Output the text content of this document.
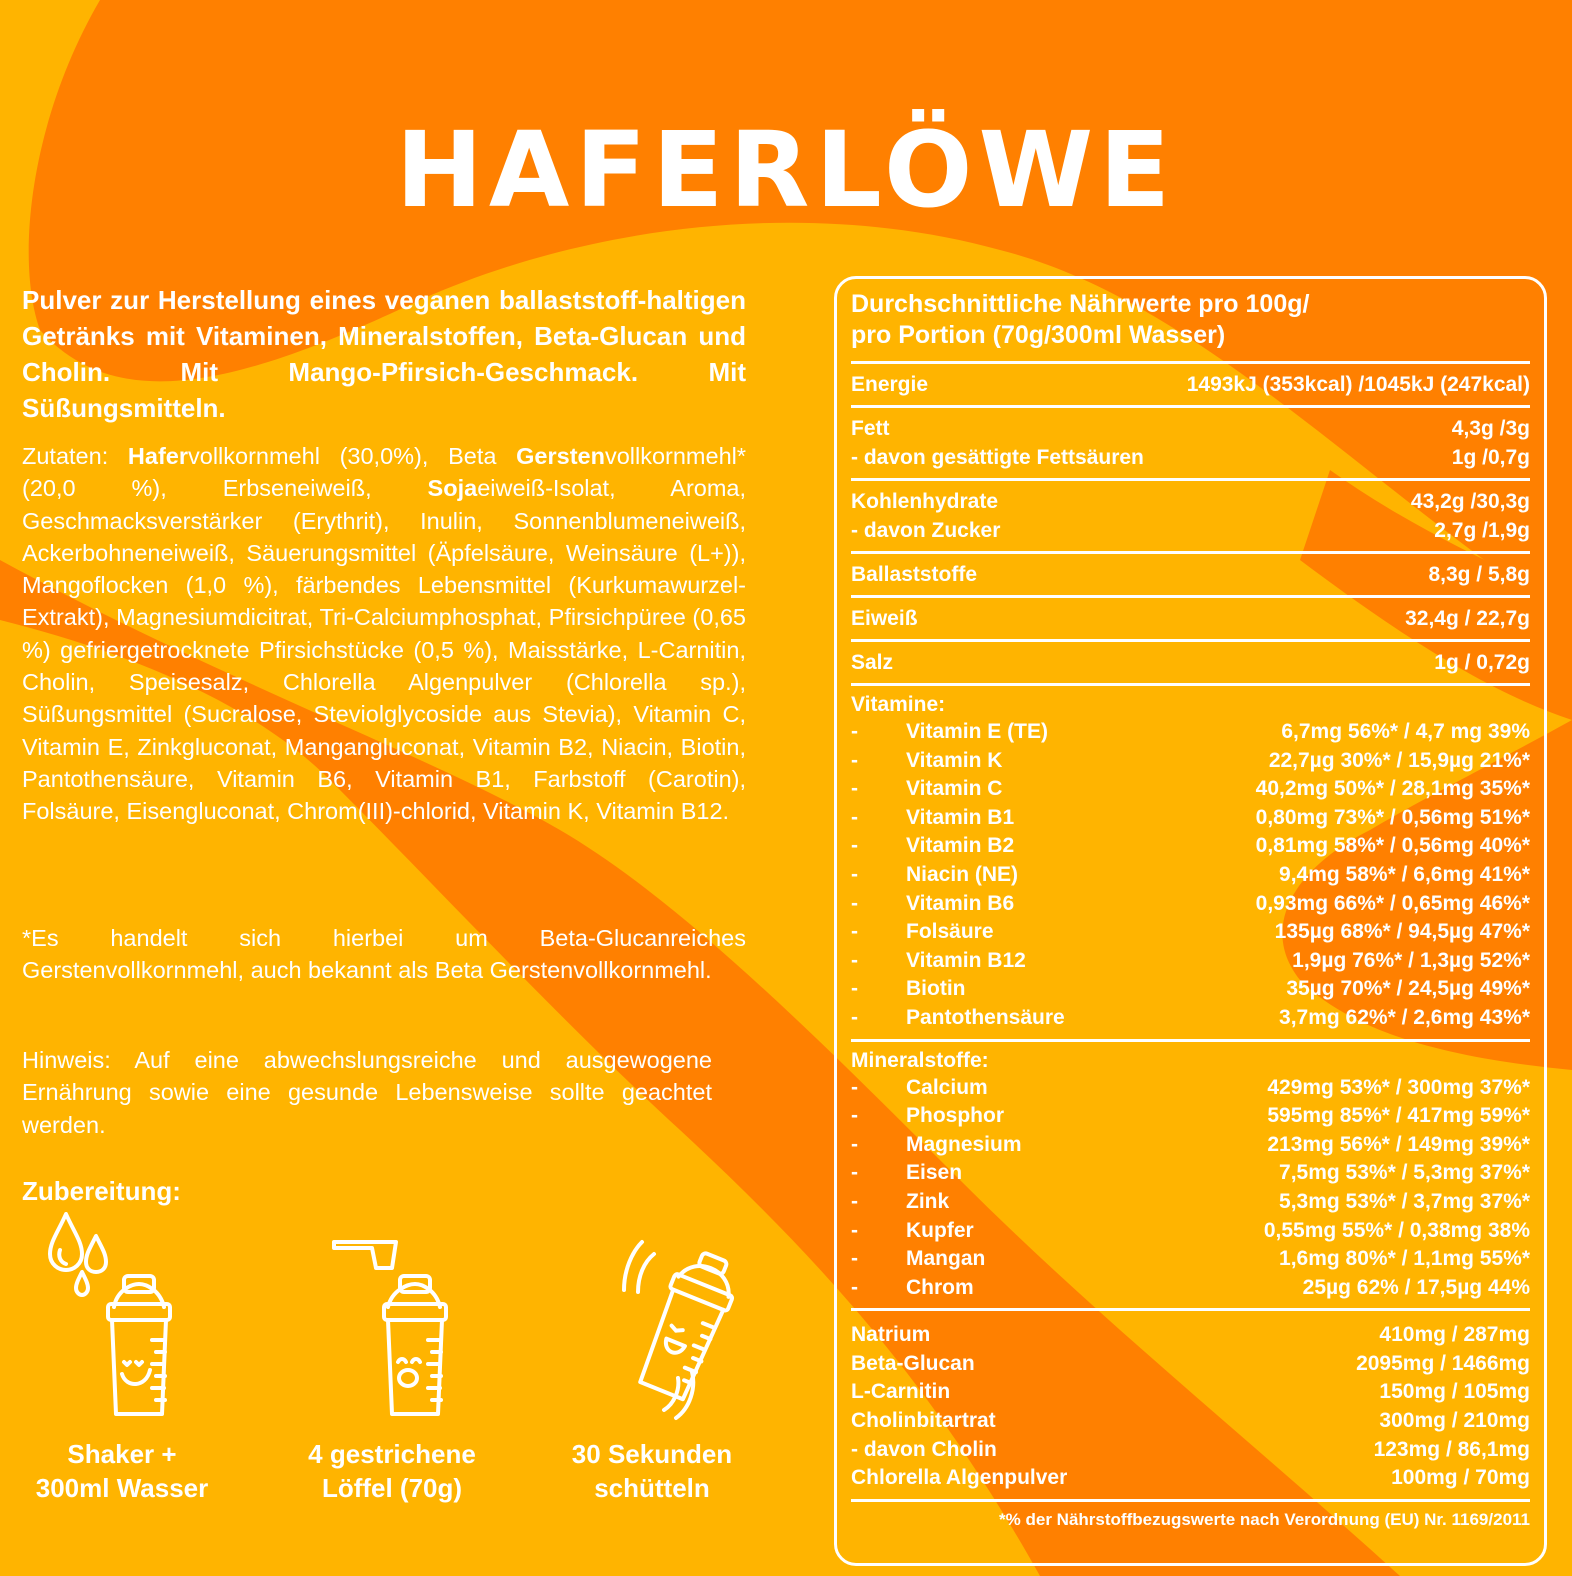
HAFERLÖWE
Pulver zur Herstellung eines veganen ballaststoff-haltigen Getränks mit Vitaminen, Mineralstoffen, Beta-Glucan und Cholin. Mit Mango-Pfirsich-Geschmack. Mit Süßungsmitteln.
Zutaten: Hafervollkornmehl (30,0%), Beta Gerstenvollkornmehl* (20,0 %), Erbseneiweiß, Sojaeiweiß-Isolat, Aroma, Geschmacksverstärker (Erythrit), Inulin, Sonnenblumeneiweiß, Ackerbohneneiweiß, Säuerungsmittel (Äpfelsäure, Weinsäure (L+)), Mangoflocken (1,0 %), färbendes Lebensmittel (Kurkumawurzel-Extrakt), Magnesiumdicitrat, Tri-Calciumphosphat, Pfirsichpüree (0,65 %) gefriergetrocknete Pfirsichstücke (0,5 %), Maisstärke, L-Carnitin, Cholin, Speisesalz, Chlorella Algenpulver (Chlorella sp.), Süßungsmittel (Sucralose, Steviolglycoside aus Stevia), Vitamin C, Vitamin E, Zinkgluconat, Mangangluconat, Vitamin B2, Niacin, Biotin, Pantothensäure, Vitamin B6, Vitamin B1, Farbstoff (Carotin), Folsäure, Eisengluconat, Chrom(III)-chlorid, Vitamin K, Vitamin B12.
*Es handelt sich hierbei um Beta-Glucanreiches Gerstenvollkornmehl, auch bekannt als Beta Gerstenvollkornmehl.
Hinweis: Auf eine abwechslungsreiche und ausgewogene Ernährung sowie eine gesunde Lebensweise sollte geachtet werden.
Zubereitung:
Shaker +
300ml Wasser
4 gestrichene
Löffel (70g)
30 Sekunden
schütteln
Durchschnittliche Nährwerte pro 100g/
pro Portion (70g/300ml Wasser)
Energie	1493kJ (353kcal) /1045kJ (247kcal)
Fett	4,3g /3g
- davon gesättigte Fettsäuren	1g /0,7g
Kohlenhydrate	43,2g /30,3g
- davon Zucker	2,7g /1,9g
Ballaststoffe	8,3g / 5,8g
Eiweiß	32,4g / 22,7g
Salz	1g / 0,72g
Vitamine:
-	Vitamin E (TE)	6,7mg 56%* / 4,7 mg 39%
-	Vitamin K	22,7µg 30%* / 15,9µg 21%*
-	Vitamin C	40,2mg 50%* / 28,1mg 35%*
-	Vitamin B1	0,80mg 73%* / 0,56mg 51%*
-	Vitamin B2	0,81mg 58%* / 0,56mg 40%*
-	Niacin (NE)	9,4mg 58%* / 6,6mg 41%*
-	Vitamin B6	0,93mg 66%* / 0,65mg 46%*
-	Folsäure	135µg 68%* / 94,5µg 47%*
-	Vitamin B12	1,9µg 76%* / 1,3µg 52%*
-	Biotin	35µg 70%* / 24,5µg 49%*
-	Pantothensäure	3,7mg 62%* / 2,6mg 43%*
Mineralstoffe:
-	Calcium	429mg 53%* / 300mg 37%*
-	Phosphor	595mg 85%* / 417mg 59%*
-	Magnesium	213mg 56%* / 149mg 39%*
-	Eisen	7,5mg 53%* / 5,3mg 37%*
-	Zink	5,3mg 53%* / 3,7mg 37%*
-	Kupfer	0,55mg 55%* / 0,38mg 38%
-	Mangan	1,6mg 80%* / 1,1mg 55%*
-	Chrom	25µg 62% / 17,5µg 44%
Natrium	410mg / 287mg
Beta-Glucan	2095mg / 1466mg
L-Carnitin	150mg / 105mg
Cholinbitartrat	300mg / 210mg
- davon Cholin	123mg / 86,1mg
Chlorella Algenpulver	100mg / 70mg
*% der Nährstoffbezugswerte nach Verordnung (EU) Nr. 1169/2011
